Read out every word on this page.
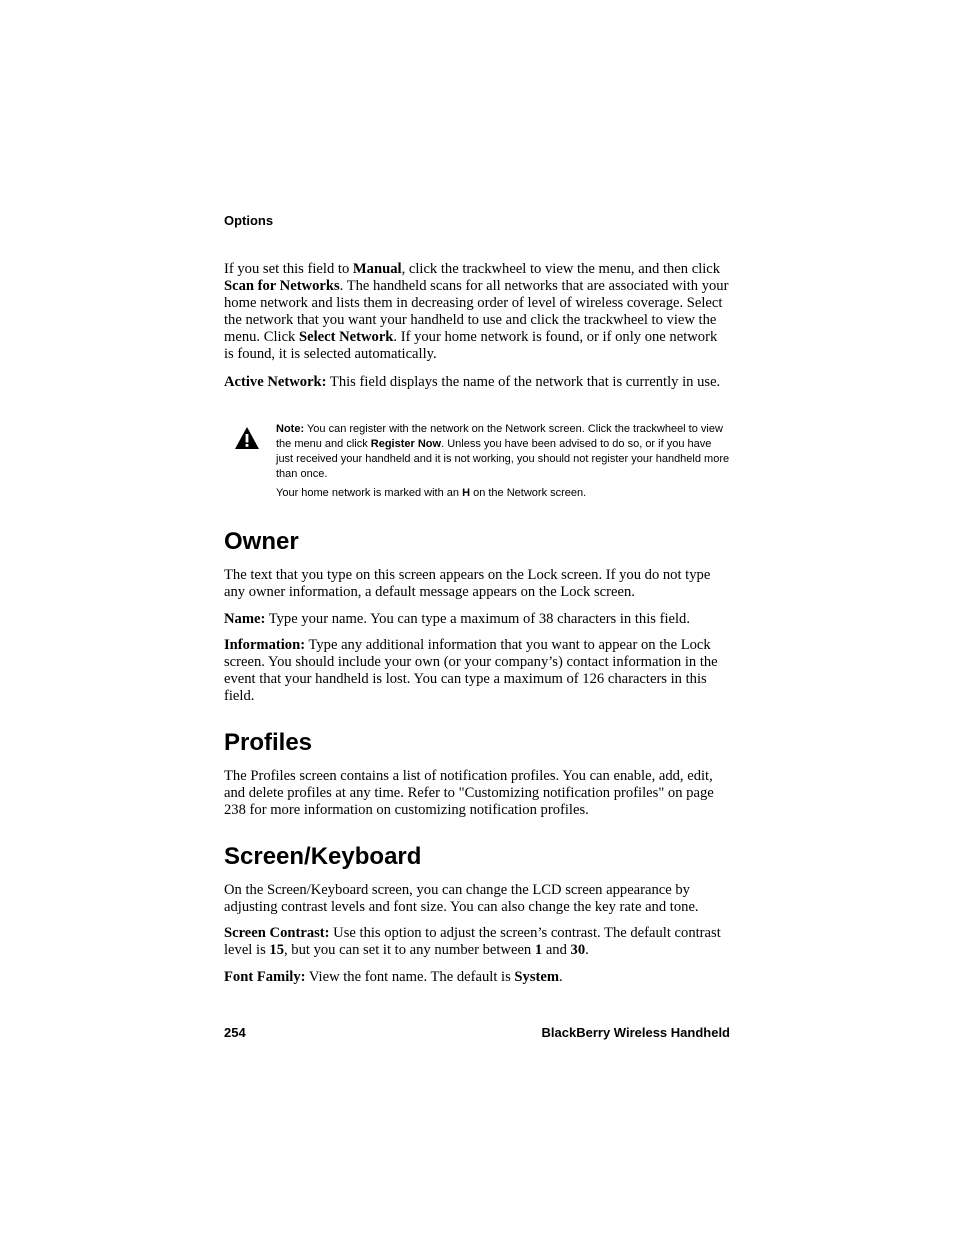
Options

If you set this field to Manual, click the trackwheel to view the menu, and then click Scan for Networks. The handheld scans for all networks that are associated with your home network and lists them in decreasing order of level of wireless coverage. Select the network that you want your handheld to use and click the trackwheel to view the menu. Click Select Network. If your home network is found, or if only one network is found, it is selected automatically.

Active Network: This field displays the name of the network that is currently in use.

Note: You can register with the network on the Network screen. Click the trackwheel to view the menu and click Register Now. Unless you have been advised to do so, or if you have just received your handheld and it is not working, you should not register your handheld more than once.

Your home network is marked with an H on the Network screen.

Owner

The text that you type on this screen appears on the Lock screen. If you do not type any owner information, a default message appears on the Lock screen.

Name: Type your name. You can type a maximum of 38 characters in this field.

Information: Type any additional information that you want to appear on the Lock screen. You should include your own (or your company’s) contact information in the event that your handheld is lost. You can type a maximum of 126 characters in this field.

Profiles

The Profiles screen contains a list of notification profiles. You can enable, add, edit, and delete profiles at any time. Refer to "Customizing notification profiles" on page 238 for more information on customizing notification profiles.

Screen/Keyboard

On the Screen/Keyboard screen, you can change the LCD screen appearance by adjusting contrast levels and font size. You can also change the key rate and tone.

Screen Contrast: Use this option to adjust the screen’s contrast. The default contrast level is 15, but you can set it to any number between 1 and 30.

Font Family: View the font name. The default is System.

254	BlackBerry Wireless Handheld
